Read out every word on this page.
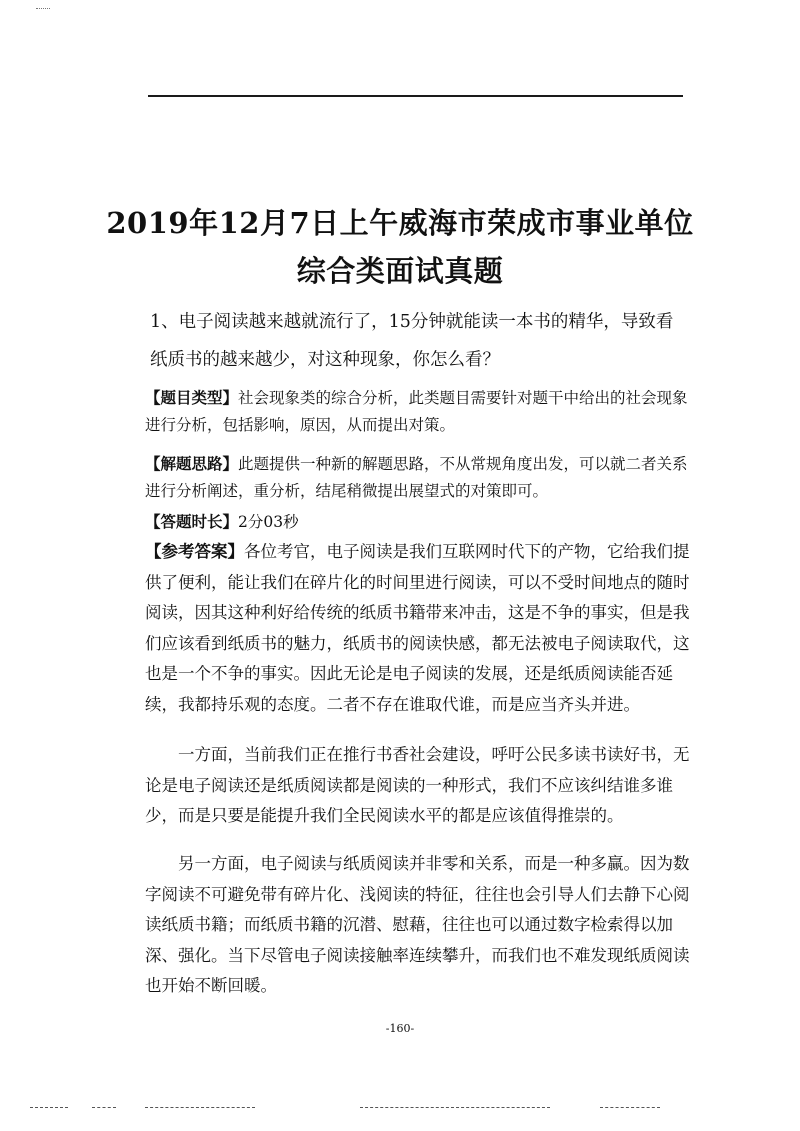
2019年12月7日上午威海市荣成市事业单位综合类面试真题

1、电子阅读越来越就流行了，15分钟就能读一本书的精华，导致看纸质书的越来越少，对这种现象，你怎么看？

【题目类型】社会现象类的综合分析，此类题目需要针对题干中给出的社会现象进行分析，包括影响，原因，从而提出对策。

【解题思路】此题提供一种新的解题思路，不从常规角度出发，可以就二者关系进行分析阐述，重分析，结尾稍微提出展望式的对策即可。

【答题时长】2分03秒

【参考答案】各位考官，电子阅读是我们互联网时代下的产物，它给我们提供了便利，能让我们在碎片化的时间里进行阅读，可以不受时间地点的随时阅读，因其这种利好给传统的纸质书籍带来冲击，这是不争的事实，但是我们应该看到纸质书的魅力，纸质书的阅读快感，都无法被电子阅读取代，这也是一个不争的事实。因此无论是电子阅读的发展，还是纸质阅读能否延续，我都持乐观的态度。二者不存在谁取代谁，而是应当齐头并进。

一方面，当前我们正在推行书香社会建设，呼吁公民多读书读好书，无论是电子阅读还是纸质阅读都是阅读的一种形式，我们不应该纠结谁多谁少，而是只要是能提升我们全民阅读水平的都是应该值得推崇的。

另一方面，电子阅读与纸质阅读并非零和关系，而是一种多赢。因为数字阅读不可避免带有碎片化、浅阅读的特征，往往也会引导人们去静下心阅读纸质书籍；而纸质书籍的沉潜、慰藉，往往也可以通过数字检索得以加深、强化。当下尽管电子阅读接触率连续攀升，而我们也不难发现纸质阅读也开始不断回暖。

-160-
